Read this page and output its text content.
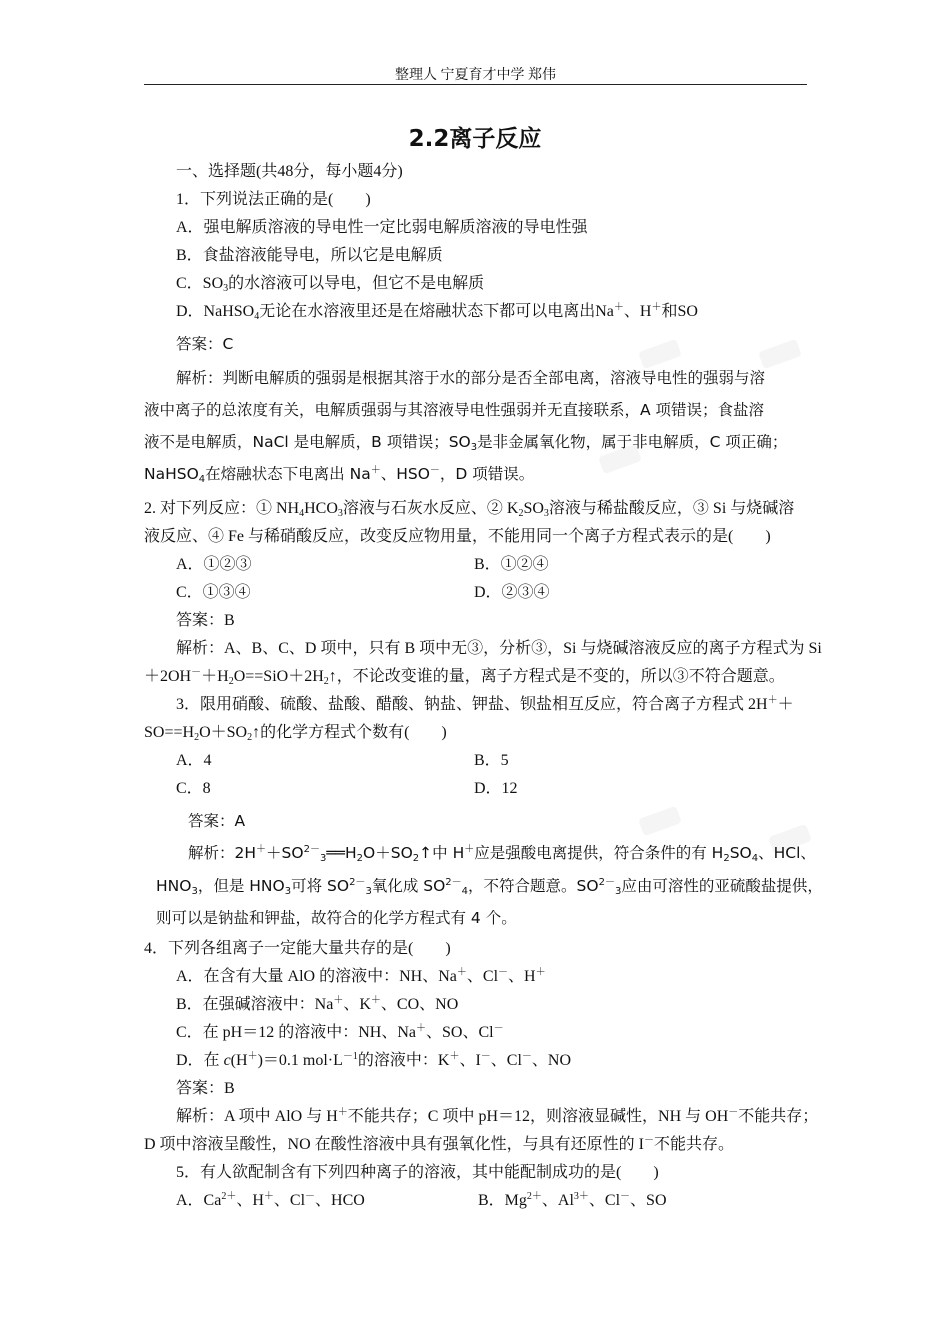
整理人 宁夏育才中学 郑伟
2.2离子反应
一、选择题(共48分，每小题4分)
1．下列说法正确的是(　　)
A．强电解质溶液的导电性一定比弱电解质溶液的导电性强
B．食盐溶液能导电，所以它是电解质
C．$SO_3$的水溶液可以导电，但它不是电解质
D．NaHSO$_4$无论在水溶液里还是在熔融状态下都可以电离出Na＋、H＋和SO
答案：C
解析：判断电解质的强弱是根据其溶于水的部分是否全部电离，溶液导电性的强弱与溶
液中离子的总浓度有关，电解质强弱与其溶液导电性强弱并无直接联系，A 项错误；食盐溶
液不是电解质，NaCl 是电解质，B 项错误；$SO_3$是非金属氧化物，属于非电解质，C 项正确；
NaHSO$_4$在熔融状态下电离出 Na＋、HSO－，D 项错误。
2. 对下列反应：① $NH_4HCO_3$溶液与石灰水反应、② $K_2SO_3$溶液与稀盐酸反应，③ Si 与烧碱溶
液反应、④ Fe 与稀硝酸反应，改变反应物用量，不能用同一个离子方程式表示的是(　　)
A．①②③	B．①②④
C．①③④	D．②③④
答案：B
解析：A、B、C、D 项中，只有 B 项中无③，分析③，Si 与烧碱溶液反应的离子方程式为 Si
$+2OH^-+H_2O==SiO+2H_2↑$，不论改变谁的量，离子方程式是不变的，所以③不符合题意。
3．限用硝酸、硫酸、盐酸、醋酸、钠盐、钾盐、钡盐相互反应，符合离子方程式 2H＋＋
$SO==H_2O+SO_2↑$的化学方程式个数有(　　)
A．4	B．5
C．8	D．12
答案：A
解析：$2H^++SO^{2-}_3══H_2O+SO_2↑$中 H＋应是强酸电离提供，符合条件的有 $H_2SO_4$、HCl、
$HNO_3$，但是 $HNO_3$可将 $SO^{2-}_3$氧化成 $SO^{2-}_4$，不符合题意。$SO^{2-}_3$应由可溶性的亚硫酸盐提供，
则可以是钠盐和钾盐，故符合的化学方程式有 4 个。
4．下列各组离子一定能大量共存的是(　　)
A．在含有大量 AlO 的溶液中：NH、Na＋、Cl－、H＋
B．在强碱溶液中：Na＋、K＋、CO、NO
C．在 pH＝12 的溶液中：NH、Na＋、SO、Cl－
D．在 c(H＋)＝0.1 $mol\cdot L^{-1}$的溶液中：K＋、I－、Cl－、NO
答案：B
解析：A 项中 AlO 与 H＋不能共存；C 项中 pH＝12，则溶液显碱性，NH 与 OH－不能共存；
D 项中溶液呈酸性，NO 在酸性溶液中具有强氧化性，与具有还原性的 I－不能共存。
5．有人欲配制含有下列四种离子的溶液，其中能配制成功的是(　　)
A．$Ca^{2+}$、H＋、Cl－、HCO	B．$Mg^{2+}$、$Al^{3+}$、Cl－、SO
